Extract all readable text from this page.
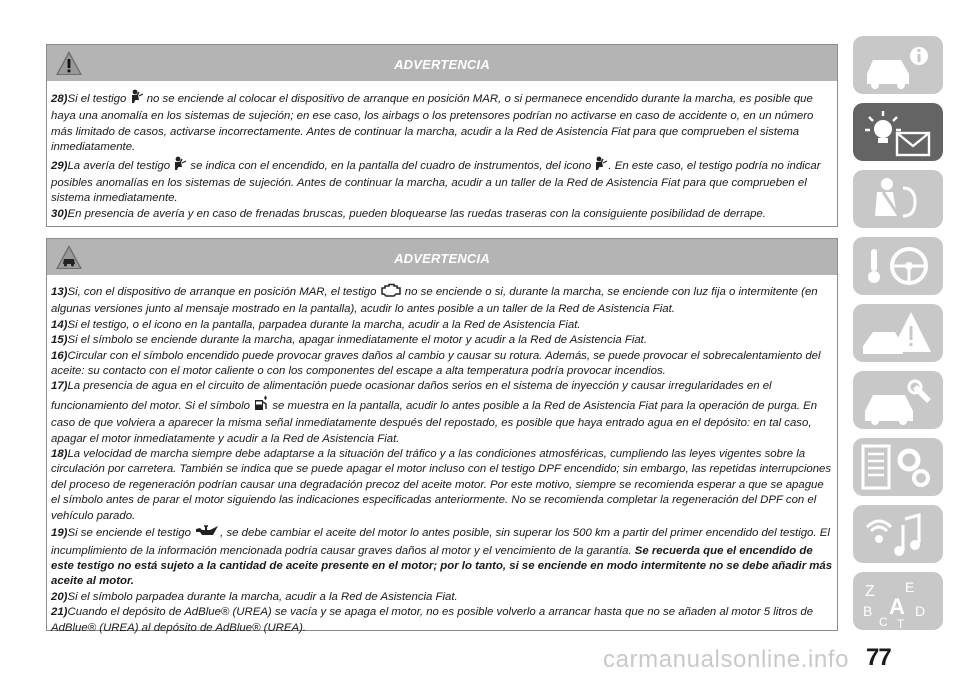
ADVERTENCIA

28)Si el testigo  no se enciende al colocar el dispositivo de arranque en posición MAR, o si permanece encendido durante la marcha, es posible que haya una anomalía en los sistemas de sujeción; en ese caso, los airbags o los pretensores podrían no activarse en caso de accidente o, en un número más limitado de casos, activarse incorrectamente. Antes de continuar la marcha, acudir a la Red de Asistencia Fiat para que comprueben el sistema inmediatamente.

29)La avería del testigo  se indica con el encendido, en la pantalla del cuadro de instrumentos, del icono . En este caso, el testigo podría no indicar posibles anomalías en los sistemas de sujeción. Antes de continuar la marcha, acudir a un taller de la Red de Asistencia Fiat para que comprueben el sistema inmediatamente.

30)En presencia de avería y en caso de frenadas bruscas, pueden bloquearse las ruedas traseras con la consiguiente posibilidad de derrape.

ADVERTENCIA

13)Si, con el dispositivo de arranque en posición MAR, el testigo  no se enciende o si, durante la marcha, se enciende con luz fija o intermitente (en algunas versiones junto al mensaje mostrado en la pantalla), acudir lo antes posible a un taller de la Red de Asistencia Fiat.

14)Si el testigo, o el icono en la pantalla, parpadea durante la marcha, acudir a la Red de Asistencia Fiat.

15)Si el símbolo se enciende durante la marcha, apagar inmediatamente el motor y acudir a la Red de Asistencia Fiat.

16)Circular con el símbolo encendido puede provocar graves daños al cambio y causar su rotura. Además, se puede provocar el sobrecalentamiento del aceite: su contacto con el motor caliente o con los componentes del escape a alta temperatura podría provocar incendios.

17)La presencia de agua en el circuito de alimentación puede ocasionar daños serios en el sistema de inyección y causar irregularidades en el funcionamiento del motor. Si el símbolo  se muestra en la pantalla, acudir lo antes posible a la Red de Asistencia Fiat para la operación de purga. En caso de que volviera a aparecer la misma señal inmediatamente después del repostado, es posible que haya entrado agua en el depósito: en tal caso, apagar el motor inmediatamente y acudir a la Red de Asistencia Fiat.

18)La velocidad de marcha siempre debe adaptarse a la situación del tráfico y a las condiciones atmosféricas, cumpliendo las leyes vigentes sobre la circulación por carretera. También se indica que se puede apagar el motor incluso con el testigo DPF encendido; sin embargo, las repetidas interrupciones del proceso de regeneración podrían causar una degradación precoz del aceite motor. Por este motivo, siempre se recomienda esperar a que se apague el símbolo antes de parar el motor siguiendo las indicaciones especificadas anteriormente. No se recomienda completar la regeneración del DPF con el vehículo parado.

19)Si se enciende el testigo , se debe cambiar el aceite del motor lo antes posible, sin superar los 500 km a partir del primer encendido del testigo. El incumplimiento de la información mencionada podría causar graves daños al motor y el vencimiento de la garantía. Se recuerda que el encendido de este testigo no está sujeto a la cantidad de aceite presente en el motor; por lo tanto, si se enciende en modo intermitente no se debe añadir más aceite al motor.

20)Si el símbolo parpadea durante la marcha, acudir a la Red de Asistencia Fiat.

21)Cuando el depósito de AdBlue® (UREA) se vacía y se apaga el motor, no es posible volverlo a arrancar hasta que no se añaden al motor 5 litros de AdBlue® (UREA) al depósito de AdBlue® (UREA).

Z E
B A D
C T
carmanualsonline.info 77
